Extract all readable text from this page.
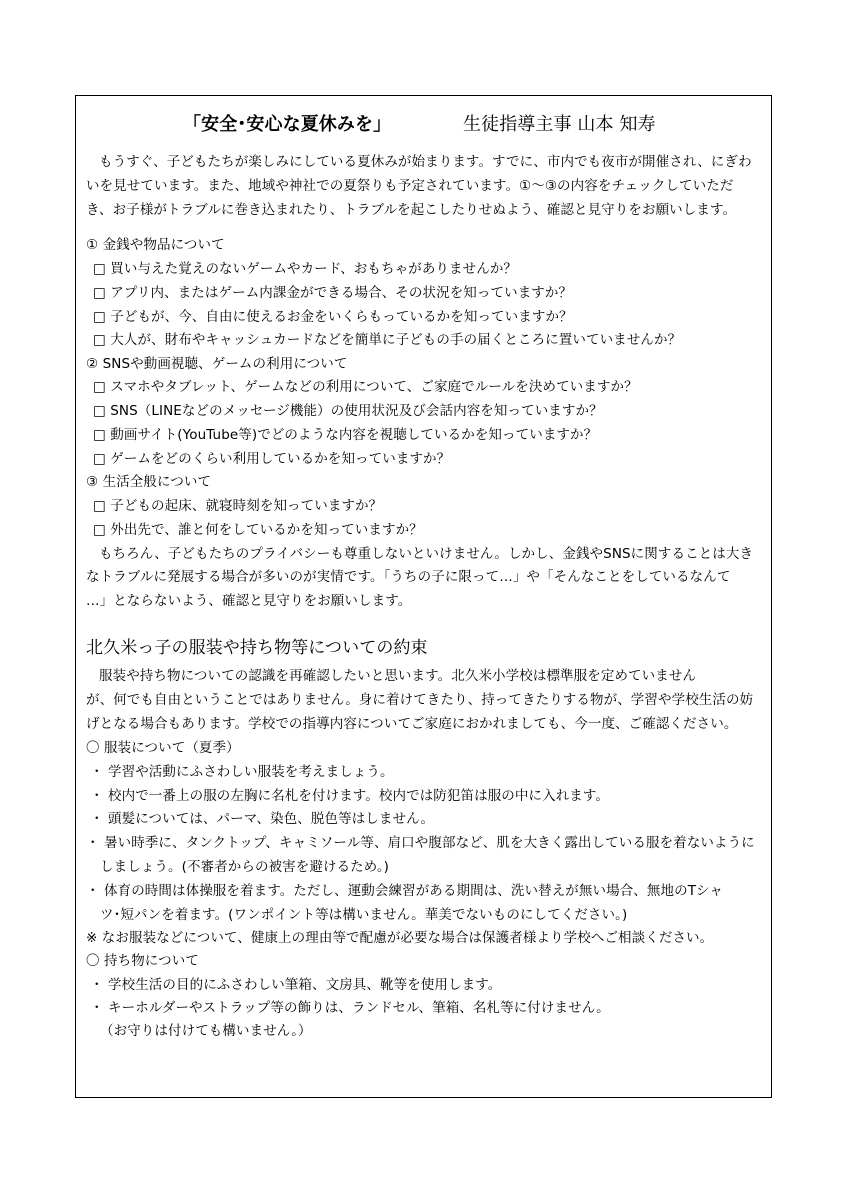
「安全･安心な夏休みを」	生徒指導主事 山本 知寿
もうすぐ、子どもたちが楽しみにしている夏休みが始まります。すでに、市内でも夜市が開催され、にぎわ
いを見せています。また、地域や神社での夏祭りも予定されています。①～③の内容をチェックしていただ
き、お子様がトラブルに巻き込まれたり、トラブルを起こしたりせぬよう、確認と見守りをお願いします。
① 金銭や物品について
□ 買い与えた覚えのないゲームやカード、おもちゃがありませんか？
□ アプリ内、またはゲーム内課金ができる場合、その状況を知っていますか？
□ 子どもが、今、自由に使えるお金をいくらもっているかを知っていますか？
□ 大人が、財布やキャッシュカードなどを簡単に子どもの手の届くところに置いていませんか？
② SNSや動画視聴、ゲームの利用について
□ スマホやタブレット、ゲームなどの利用について、ご家庭でルールを決めていますか？
□ SNS（LINEなどのメッセージ機能）の使用状況及び会話内容を知っていますか？
□ 動画サイト(YouTube等)でどのような内容を視聴しているかを知っていますか？
□ ゲームをどのくらい利用しているかを知っていますか？
③ 生活全般について
□ 子どもの起床、就寝時刻を知っていますか？
□ 外出先で、誰と何をしているかを知っていますか？
もちろん、子どもたちのプライバシーも尊重しないといけません。しかし、金銭やSNSに関することは大き
なトラブルに発展する場合が多いのが実情です。「うちの子に限って…」や「そんなことをしているなんて
…」とならないよう、確認と見守りをお願いします。
北久米っ子の服装や持ち物等についての約束
服装や持ち物についての認識を再確認したいと思います。北久米小学校は標準服を定めていません
が、何でも自由ということではありません。身に着けてきたり、持ってきたりする物が、学習や学校生活の妨
げとなる場合もあります。学校での指導内容についてご家庭におかれましても、今一度、ご確認ください。
〇 服装について（夏季）
・ 学習や活動にふさわしい服装を考えましょう。
・ 校内で一番上の服の左胸に名札を付けます。校内では防犯笛は服の中に入れます。
・ 頭髪については、パーマ、染色、脱色等はしません。
・ 暑い時季に、タンクトップ、キャミソール等、肩口や腹部など、肌を大きく露出している服を着ないように
しましょう。(不審者からの被害を避けるため。)
・ 体育の時間は体操服を着ます。ただし、運動会練習がある期間は、洗い替えが無い場合、無地のTシャ
ツ･短パンを着ます。(ワンポイント等は構いません。華美でないものにしてください。)
※ なお服装などについて、健康上の理由等で配慮が必要な場合は保護者様より学校へご相談ください。
〇 持ち物について
・ 学校生活の目的にふさわしい筆箱、文房具、靴等を使用します。
・ キーホルダーやストラップ等の飾りは、ランドセル、筆箱、名札等に付けません。
（お守りは付けても構いません。）
